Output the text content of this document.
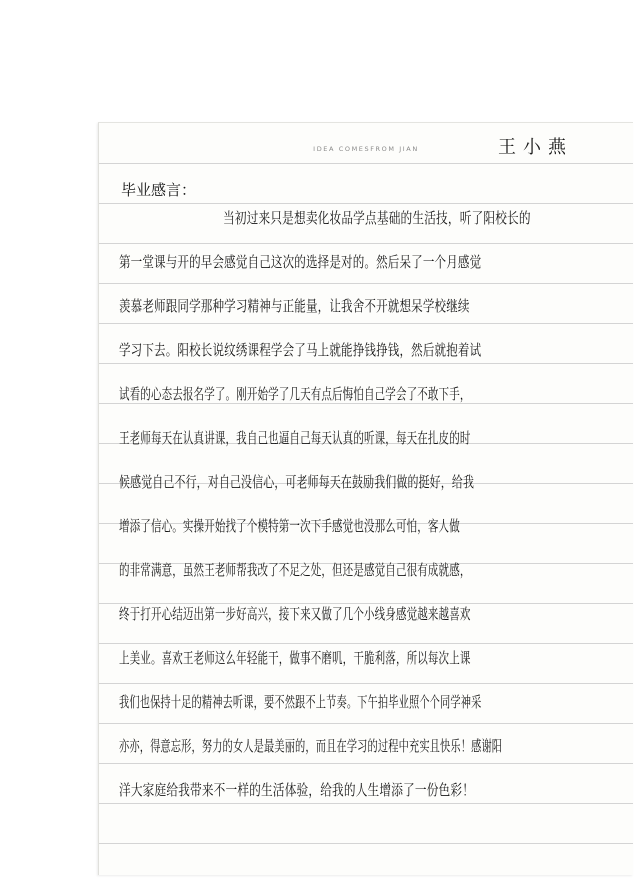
IDEA COMESFROM JIAN	王小燕
毕业感言：
当初过来只是想卖化妆品学点基础的生活技，听了阳校长的
第一堂课与开的早会感觉自己这次的选择是对的。然后呆了一个月感觉
羡慕老师跟同学那种学习精神与正能量，让我舍不开就想呆学校继续
学习下去。阳校长说纹绣课程学会了马上就能挣钱挣钱，然后就抱着试
试看的心态去报名学了。刚开始学了几天有点后悔怕自己学会了不敢下手，
王老师每天在认真讲课，我自己也逼自己每天认真的听课，每天在扎皮的时
候感觉自己不行，对自己没信心，可老师每天在鼓励我们做的挺好，给我
增添了信心。实操开始找了个模特第一次下手感觉也没那么可怕，客人做
的非常满意，虽然王老师帮我改了不足之处，但还是感觉自己很有成就感，
终于打开心结迈出第一步好高兴，接下来又做了几个小线身感觉越来越喜欢
上美业。喜欢王老师这么年轻能干，做事不磨叽，干脆利落，所以每次上课
我们也保持十足的精神去听课，要不然跟不上节奏。下午拍毕业照个个同学神采
亦亦，得意忘形，努力的女人是最美丽的，而且在学习的过程中充实且快乐！感谢阳
洋大家庭给我带来不一样的生活体验，给我的人生增添了一份色彩！
